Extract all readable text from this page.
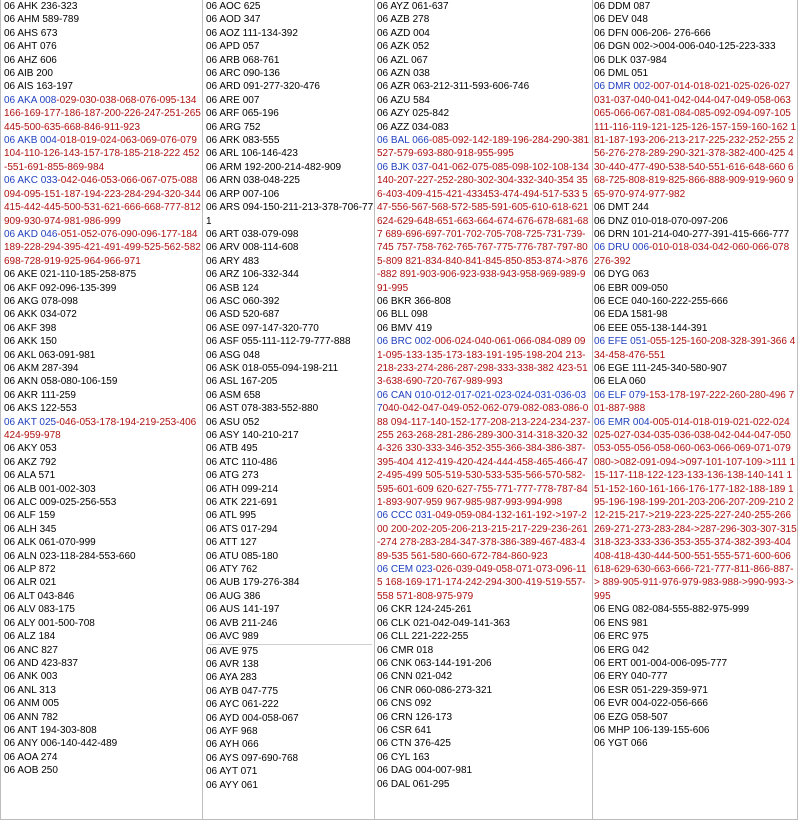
06 AHK 236-323
06 AHM 589-789
06 AHS 673
06 AHT 076
06 AHZ 606
06 AIB 200
06 AIS 163-197
06 AKA 008-029-030-038-068-076-095-134 166-169-177-186-187-200-226-247-251-265 445-500-635-668-846-911-923
06 AKB 004-018-019-024-063-069-076-079 104-110-126-143-157-178-185-218-222 452-551-691-855-869-984
06 AKC 033-042-046-053-066-067-075-088 094-095-151-187-194-223-284-294-320-344 415-442-445-500-531-621-666-668-777-812 909-930-974-981-986-999
06 AKD 046-051-052-076-090-096-177-184 189-228-294-395-421-491-499-525-562-582 698-728-919-925-964-966-971
06 AKE 021-110-185-258-875
06 AKF 092-096-135-399
06 AKG 078-098
06 AKK 034-072
06 AKF 398
06 AKK 150
06 AKL 063-091-981
06 AKM 287-394
06 AKN 058-080-106-159
06 AKR 111-259
06 AKS 122-553
06 AKT 025-046-053-178-194-219-253-406 424-959-978
06 AKY 053
06 AKZ 792
06 ALA 571
06 ALB 001-002-303
06 ALC 009-025-256-553
06 ALF 159
06 ALH 345
06 ALK 061-070-999
06 ALN 023-118-284-553-660
06 ALP 872
06 ALR 021
06 ALT 043-846
06 ALV 083-175
06 ALY 001-500-708
06 ALZ 184
06 ANC 827
06 AND 423-837
06 ANK 003
06 ANL 313
06 ANM 005
06 ANN 782
06 ANT 194-303-808
06 ANY 006-140-442-489
06 AOA 274
06 AOB 250
06 AOC 625
06 AOD 347
06 AOZ 111-134-392
06 APD 057
06 ARB 068-761
06 ARC 090-136
06 ARD 091-277-320-476
06 ARE 007
06 ARF 065-196
06 ARG 752
06 ARK 083-555
06 ARL 106-146-423
06 ARM 192-200-214-482-909
06 ARN 038-048-225
06 ARP 007-106
06 ARS 094-150-211-213-378-706-771
06 ART 038-079-098
06 ARV 008-114-608
06 ARY 483
06 ARZ 106-332-344
06 ASB 124
06 ASC 060-392
06 ASD 520-687
06 ASE 097-147-320-770
06 ASF 055-111-112-79-777-888
06 ASG 048
06 ASK 018-055-094-198-211
06 ASL 167-205
06 ASM 658
06 AST 078-383-552-880
06 ASU 052
06 ASY 140-210-217
06 ATB 495
06 ATC 110-486
06 ATG 273
06 ATH 099-214
06 ATK 221-691
06 ATL 995
06 ATS 017-294
06 ATT 127
06 ATU 085-180
06 ATY 762
06 AUB 179-276-384
06 AUG 386
06 AUS 141-197
06 AVB 211-246
06 AVC 989
06 AVE 975
06 AVR 138
06 AYA 283
06 AYB 047-775
06 AYC 061-222
06 AYD 004-058-067
06 AYF 968
06 AYH 066
06 AYS 097-690-768
06 AYT 071
06 AYY 061
06 AYZ 061-637
06 AZB 278
06 AZD 004
06 AZK 052
06 AZL 067
06 AZN 038
06 AZR 063-212-311-593-606-746
06 AZU 584
06 AZY 025-842
06 AZZ 034-083
06 BAL 066-085-092-142-189-196-284-290-381 527-579-693-880-918-955-995
06 BJK 037-041-062-075-085-098-102-108-134 140-207-227-252-280-302-304-332-340-354 356-403-409-415-421-433453-474-494-517-533 547-556-567-568-572-585-591-605-610-618-621 624-629-648-651-663-664-674-676-678-681-687 689-696-697-701-702-705-708-725-731-739-745 757-758-762-765-767-775-776-787-797-805-809 821-834-840-841-845-850-853-874->876-882 891-903-906-923-938-943-958-969-989-991-995
06 BKR 366-808
06 BLL 098
06 BMV 419
06 BRC 002-006-024-040-061-066-084-089 091-095-133-135-173-183-191-195-198-204 213-218-233-274-286-287-298-333-338-382 423-513-638-690-720-767-989-993
06 CAN 010-012-017-021-023-024-031-036-037040-042-047-049-052-062-079-082-083-086-088 094-117-140-152-177-208-213-224-234-237-255 263-268-281-286-289-300-314-318-320-324-326 330-333-346-352-355-366-384-386-387-395-404 412-419-420-424-444-458-465-466-472-495-499 505-519-530-533-535-566-570-582-595-601-609 620-627-755-771-777-778-787-841-893-907-959 967-985-987-993-994-998
06 CCC 031-049-059-084-132-161-192->197-200 200-202-205-206-213-215-217-229-236-261-274 278-283-284-347-378-386-389-467-483-489-535 561-580-660-672-784-860-923
06 CEM 023-026-039-049-058-071-073-096-115 168-169-171-174-242-294-300-419-519-557-558 571-808-975-979
06 CKR 124-245-261
06 CLK 021-042-049-141-363
06 CLL 221-222-255
06 CMR 018
06 CNK 063-144-191-206
06 CNN 021-042
06 CNR 060-086-273-321
06 CNS 092
06 CRN 126-173
06 CSR 641
06 CTN 376-425
06 CYL 163
06 DAG 004-007-981
06 DAL 061-295
06 DDM 087
06 DEV 048
06 DFN 006-206- 276-666
06 DGN 002->004-006-040-125-223-333
06 DLK 037-984
06 DML 051
06 DMR 002-007-014-018-021-025-026-027 031-037-040-041-042-044-047-049-058-063 065-066-067-081-084-085-092-094-097-105 111-116-119-121-125-126-157-159-160-162 181-187-193-206-213-217-225-232-252-255 256-276-278-289-290-321-378-382-400-425 430-440-477-490-538-540-551-616-648-660 668-725-808-819-825-866-888-909-919-960 965-970-974-977-982
06 DMT 244
06 DNZ 010-018-070-097-206
06 DRN 101-214-040-277-391-415-666-777
06 DRU 006-010-018-034-042-060-066-078 276-392
06 DYG 063
06 EBR 009-050
06 ECE 040-160-222-255-666
06 EDA 1581-98
06 EEE 055-138-144-391
06 EFE 051-055-125-160-208-328-391-366 434-458-476-551
06 EGE 111-245-340-580-907
06 ELA 060
06 ELF 079-153-178-197-222-260-280-496 701-887-988
06 EMR 004-005-014-018-019-021-022-024 025-027-034-035-036-038-042-044-047-050 053-055-056-058-060-063-066-069-071-079 080->082-091-094->097-101-107-109->111 115-117-118-122-123-133-136-138-140-141 151-152-160-161-166-176-177-182-188-189 195-196-198-199-201-203-206-207-209-210 212-215-217->219-223-225-227-240-255-266 269-271-273-283-284->287-296-303-307-315 318-323-333-336-353-355-374-382-393-404 408-418-430-444-500-551-555-571-600-606 618-629-630-663-666-721-777-811-866-887-> 889-905-911-976-979-983-988->990-993->995
06 ENG 082-084-555-882-975-999
06 ENS 981
06 ERC 975
06 ERG 042
06 ERT 001-004-006-095-777
06 ERY 040-777
06 ESR 051-229-359-971
06 EVR 004-022-056-666
06 EZG 058-507
06 MHP 106-139-155-606
06 YGT 066
